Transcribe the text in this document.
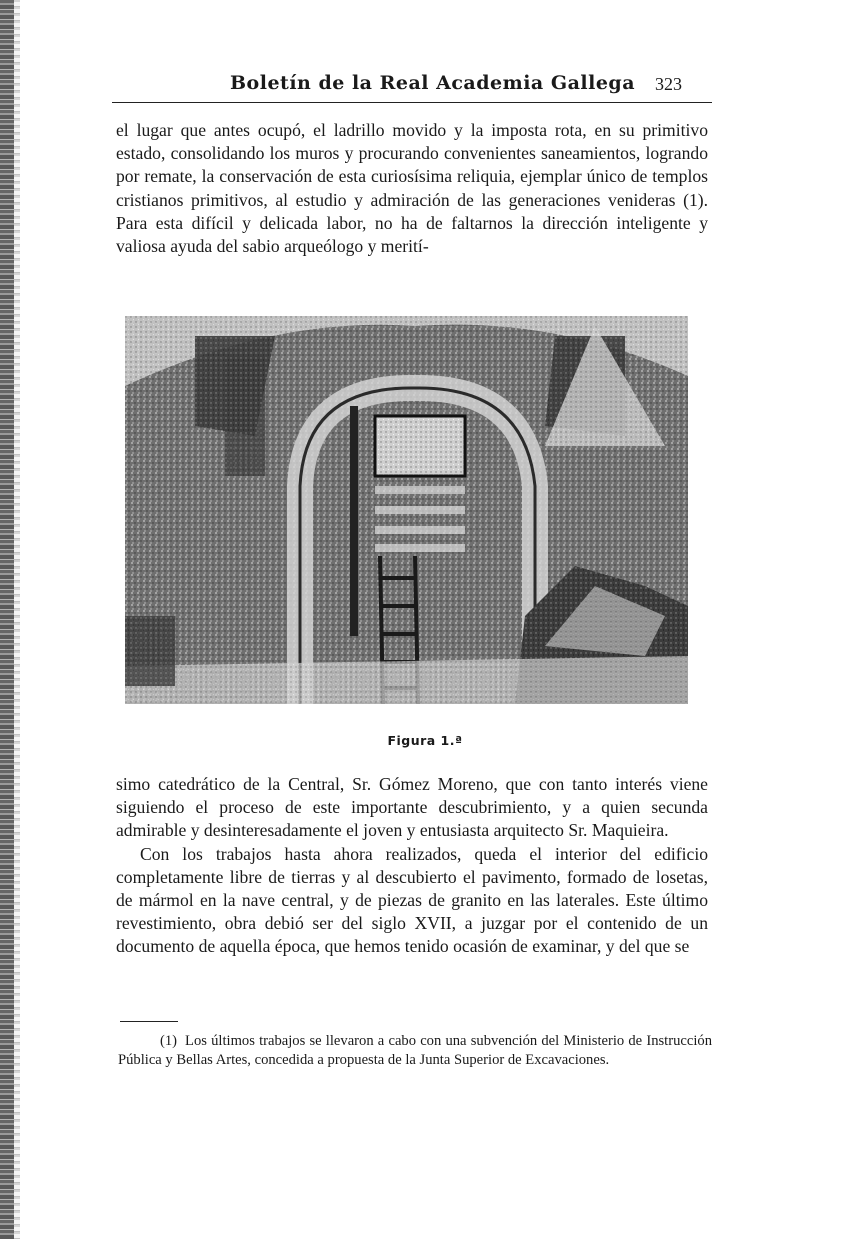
Boletín de la Real Academia Gallega 323

el lugar que antes ocupó, el ladrillo movido y la imposta rota, en su primitivo estado, consolidando los muros y procurando convenientes saneamientos, logrando por remate, la conservación de esta curiosísima reliquia, ejemplar único de templos cristianos primitivos, al estudio y admiración de las generaciones venideras (1). Para esta difícil y delicada labor, no ha de faltarnos la dirección inteligente y valiosa ayuda del sabio arqueólogo y merití-

Figura 1.ª

simo catedrático de la Central, Sr. Gómez Moreno, que con tanto interés viene siguiendo el proceso de este importante descubrimiento, y a quien secunda admirable y desinteresadamente el joven y entusiasta arquitecto Sr. Maquieira.

Con los trabajos hasta ahora realizados, queda el interior del edificio completamente libre de tierras y al descubierto el pavimento, formado de losetas, de mármol en la nave central, y de piezas de granito en las laterales. Este último revestimiento, obra debió ser del siglo XVII, a juzgar por el contenido de un documento de aquella época, que hemos tenido ocasión de examinar, y del que se

(1) Los últimos trabajos se llevaron a cabo con una subvención del Ministerio de Instrucción Pública y Bellas Artes, concedida a propuesta de la Junta Superior de Excavaciones.
